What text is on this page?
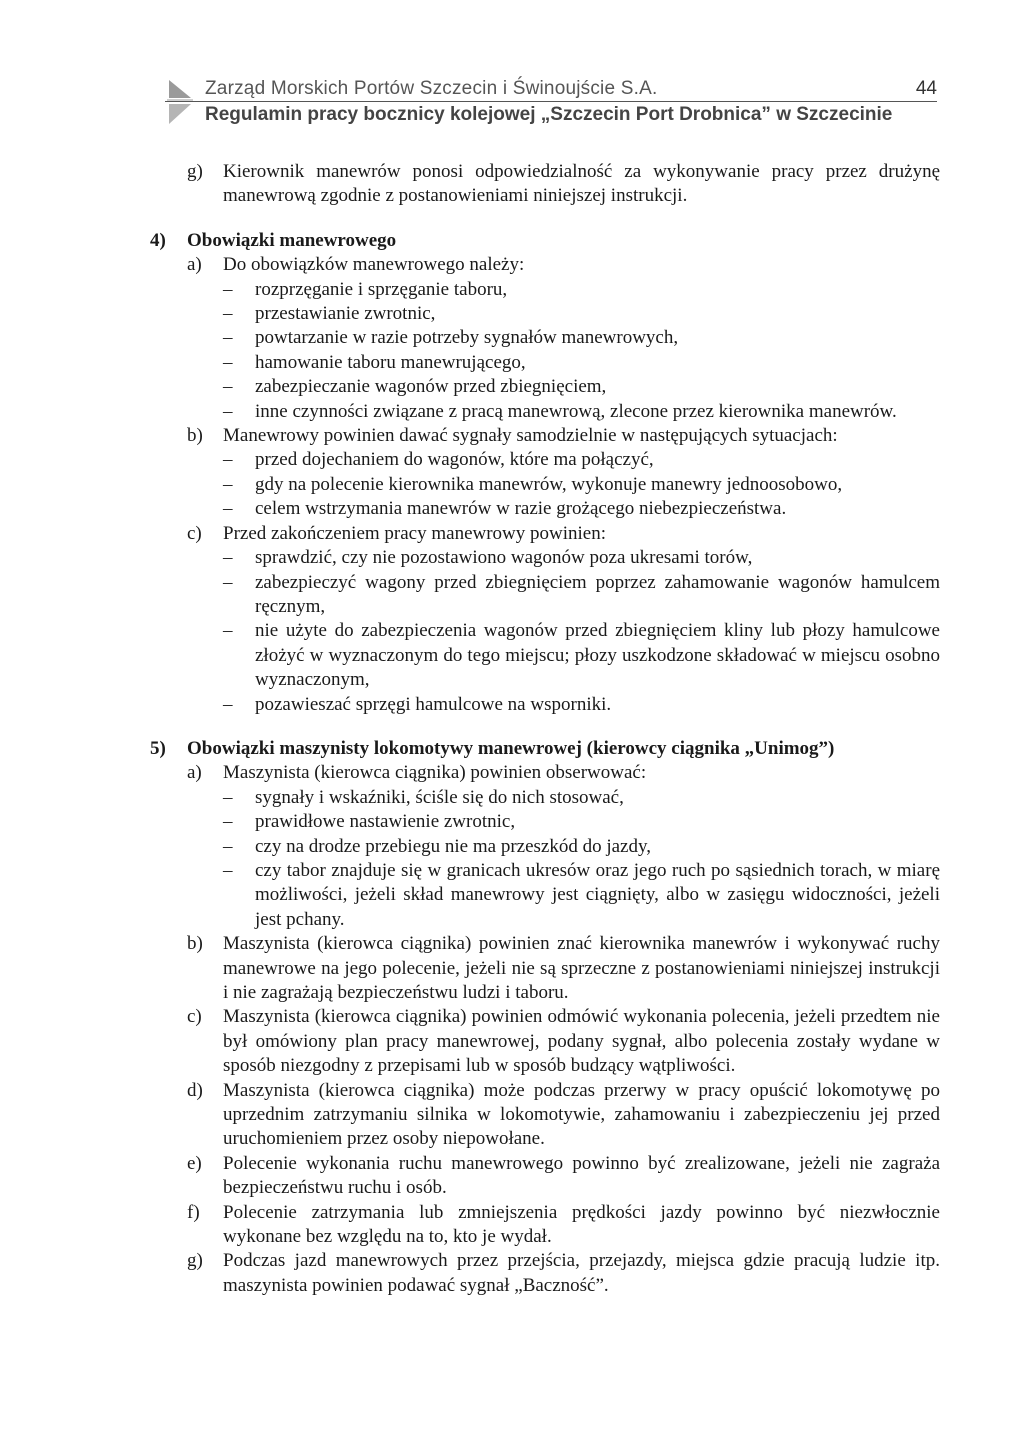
Zarząd Morskich Portów Szczecin i Świnoujście S.A.	44
Regulamin pracy bocznicy kolejowej „Szczecin Port Drobnica” w Szczecinie
g) Kierownik manewrów ponosi odpowiedzialność za wykonywanie pracy przez drużynę manewrową zgodnie z postanowieniami niniejszej instrukcji.
4) Obowiązki manewrowego
a) Do obowiązków manewrowego należy:
– rozprzęganie i sprzęganie taboru,
– przestawianie zwrotnic,
– powtarzanie w razie potrzeby sygnałów manewrowych,
– hamowanie taboru manewrującego,
– zabezpieczanie wagonów przed zbiegnięciem,
– inne czynności związane z pracą manewrową, zlecone przez kierownika manewrów.
b) Manewrowy powinien dawać sygnały samodzielnie w następujących sytuacjach:
– przed dojechaniem do wagonów, które ma połączyć,
– gdy na polecenie kierownika manewrów, wykonuje manewry jednoosobowo,
– celem wstrzymania manewrów w razie grożącego niebezpieczeństwa.
c) Przed zakończeniem pracy manewrowy powinien:
– sprawdzić, czy nie pozostawiono wagonów poza ukresami torów,
– zabezpieczyć wagony przed zbiegnięciem poprzez zahamowanie wagonów hamulcem ręcznym,
– nie użyte do zabezpieczenia wagonów przed zbiegnięciem kliny lub płozy hamulcowe złożyć w wyznaczonym do tego miejscu; płozy uszkodzone składować w miejscu osobno wyznaczonym,
– pozawieszać sprzęgi hamulcowe na wsporniki.
5) Obowiązki maszynisty lokomotywy manewrowej (kierowcy ciągnika „Unimog”)
a) Maszynista (kierowca ciągnika) powinien obserwować:
– sygnały i wskaźniki, ściśle się do nich stosować,
– prawidłowe nastawienie zwrotnic,
– czy na drodze przebiegu nie ma przeszkód do jazdy,
– czy tabor znajduje się w granicach ukresów oraz jego ruch po sąsiednich torach, w miarę możliwości, jeżeli skład manewrowy jest ciągnięty, albo w zasięgu widoczności, jeżeli jest pchany.
b) Maszynista (kierowca ciągnika) powinien znać kierownika manewrów i wykonywać ruchy manewrowe na jego polecenie, jeżeli nie są sprzeczne z postanowieniami niniejszej instrukcji i nie zagrażają bezpieczeństwu ludzi i taboru.
c) Maszynista (kierowca ciągnika) powinien odmówić wykonania polecenia, jeżeli przedtem nie był omówiony plan pracy manewrowej, podany sygnał, albo polecenia zostały wydane w sposób niezgodny z przepisami lub w sposób budzący wątpliwości.
d) Maszynista (kierowca ciągnika) może podczas przerwy w pracy opuścić lokomotywę po uprzednim zatrzymaniu silnika w lokomotywie, zahamowaniu i zabezpieczeniu jej przed uruchomieniem przez osoby niepowołane.
e) Polecenie wykonania ruchu manewrowego powinno być zrealizowane, jeżeli nie zagraża bezpieczeństwu ruchu i osób.
f) Polecenie zatrzymania lub zmniejszenia prędkości jazdy powinno być niezwłocznie wykonane bez względu na to, kto je wydał.
g) Podczas jazd manewrowych przez przejścia, przejazdy, miejsca gdzie pracują ludzie itp. maszynista powinien podawać sygnał „Baczność”.
